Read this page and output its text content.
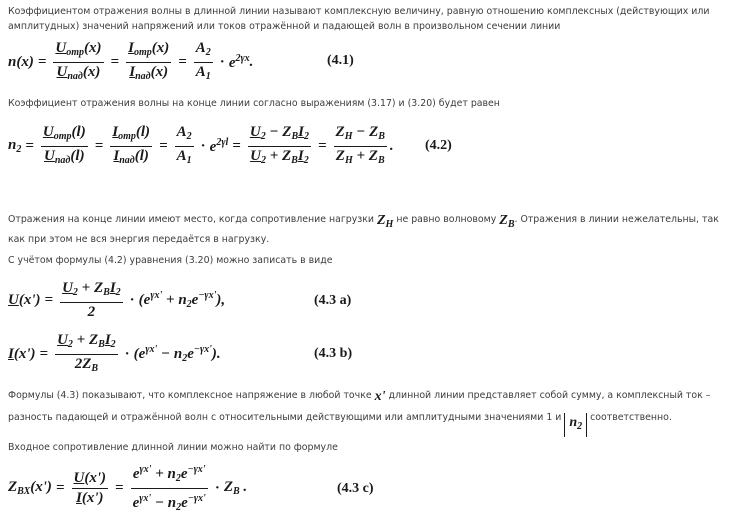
Коэффициентом отражения волны в длинной линии называют комплексную величину, равную отношению комплексных (действующих или амплитудных) значений напряжений или токов отражённой и падающей волн в произвольном сечении линии

$n(x) = \frac{U_{отр}(x)}{U_{пад}(x)} = \frac{I_{отр}(x)}{I_{пад}(x)} = \frac{A_2}{A_1} \cdot e^{2\gamma x}$ .	(4.1)

Коэффициент отражения волны на конце линии согласно выражениям (3.17) и (3.20) будет равен

$n_2 = \frac{U_{отр}(l)}{U_{пад}(l)} = \frac{I_{отр}(l)}{I_{пад}(l)} = \frac{A_2}{A_1} \cdot e^{2\gamma l} = \frac{U_2 - Z_ВI_2}{U_2 + Z_ВI_2} = \frac{Z_Н - Z_В}{Z_Н + Z_В}$ . (4.2)

Отражения на конце линии имеют место, когда сопротивление нагрузки $Z_Н$ не равно волновому $Z_В$. Отражения в линии нежелательны, так как при этом не вся энергия передаётся в нагрузку.

С учётом формулы (4.2) уравнения (3.20) можно записать в виде

$U(x') = \frac{U_2 + Z_ВI_2}{2} \cdot (e^{\gamma x'} + n_2e^{-\gamma x'})$,	(4.3 a)
$I(x') = \frac{U_2 + Z_ВI_2}{2Z_В} \cdot (e^{\gamma x'} - n_2e^{-\gamma x'})$.	(4.3 b)

Формулы (4.3) показывают, что комплексное напряжение в любой точке x' длинной линии представляет собой сумму, а комплексный ток – разность падающей и отражённой волн с относительными действующими или амплитудными значениями 1 и $n_2$ соответственно.

Входное сопротивление длинной линии можно найти по формуле

$Z_{ВХ}(x') = \frac{U(x')}{I(x')} = \frac{e^{\gamma x'} + n_2e^{-\gamma x'}}{e^{\gamma x'} - n_2e^{-\gamma x'}} \cdot Z_В$ .	(4.3 c)
